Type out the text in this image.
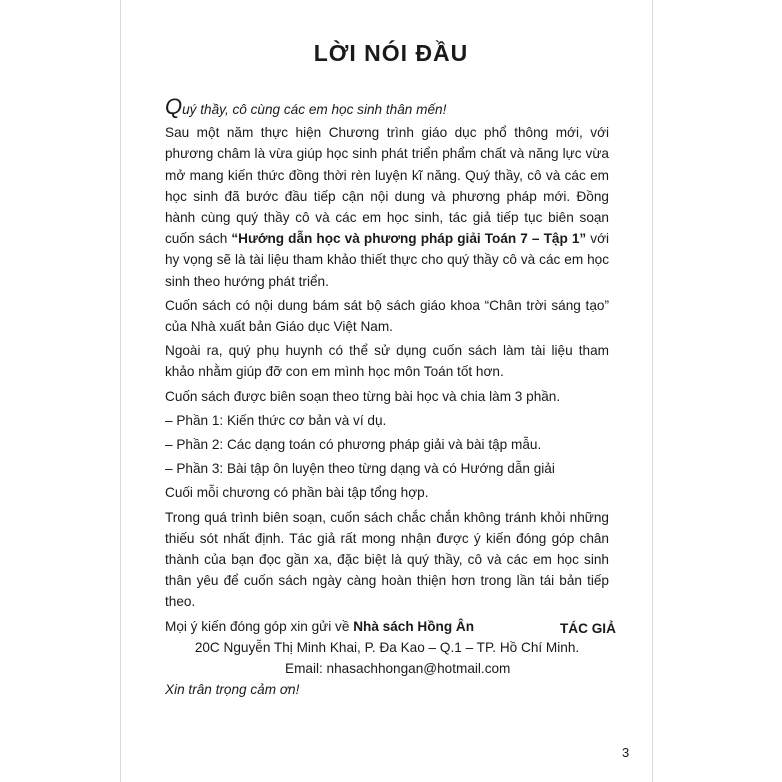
LỜI NÓI ĐẦU

Quý thầy, cô cùng các em học sinh thân mến!

Sau một năm thực hiện Chương trình giáo dục phổ thông mới, với phương châm là vừa giúp học sinh phát triển phẩm chất và năng lực vừa mở mang kiến thức đồng thời rèn luyện kĩ năng. Quý thầy, cô và các em học sinh đã bước đầu tiếp cận nội dung và phương pháp mới. Đồng hành cùng quý thầy cô và các em học sinh, tác giả tiếp tục biên soạn cuốn sách “Hướng dẫn học và phương pháp giải Toán 7 – Tập 1” với hy vọng sẽ là tài liệu tham khảo thiết thực cho quý thầy cô và các em học sinh theo hướng phát triển.

Cuốn sách có nội dung bám sát bộ sách giáo khoa “Chân trời sáng tạo” của Nhà xuất bản Giáo dục Việt Nam.

Ngoài ra, quý phụ huynh có thể sử dụng cuốn sách làm tài liệu tham khảo nhằm giúp đỡ con em mình học môn Toán tốt hơn.

Cuốn sách được biên soạn theo từng bài học và chia làm 3 phần.

– Phần 1: Kiến thức cơ bản và ví dụ.

– Phần 2: Các dạng toán có phương pháp giải và bài tập mẫu.

– Phần 3: Bài tập ôn luyện theo từng dạng và có Hướng dẫn giải

Cuối mỗi chương có phần bài tập tổng hợp.

Trong quá trình biên soạn, cuốn sách chắc chắn không tránh khỏi những thiếu sót nhất định. Tác giả rất mong nhận được ý kiến đóng góp chân thành của bạn đọc gần xa, đặc biệt là quý thầy, cô và các em học sinh thân yêu để cuốn sách ngày càng hoàn thiện hơn trong lần tái bản tiếp theo.

Mọi ý kiến đóng góp xin gửi về Nhà sách Hồng Ân

20C Nguyễn Thị Minh Khai, P. Đa Kao – Q.1 – TP. Hồ Chí Minh.

Email: nhasachhongan@hotmail.com

Xin trân trọng cảm ơn!

TÁC GIẢ
3
